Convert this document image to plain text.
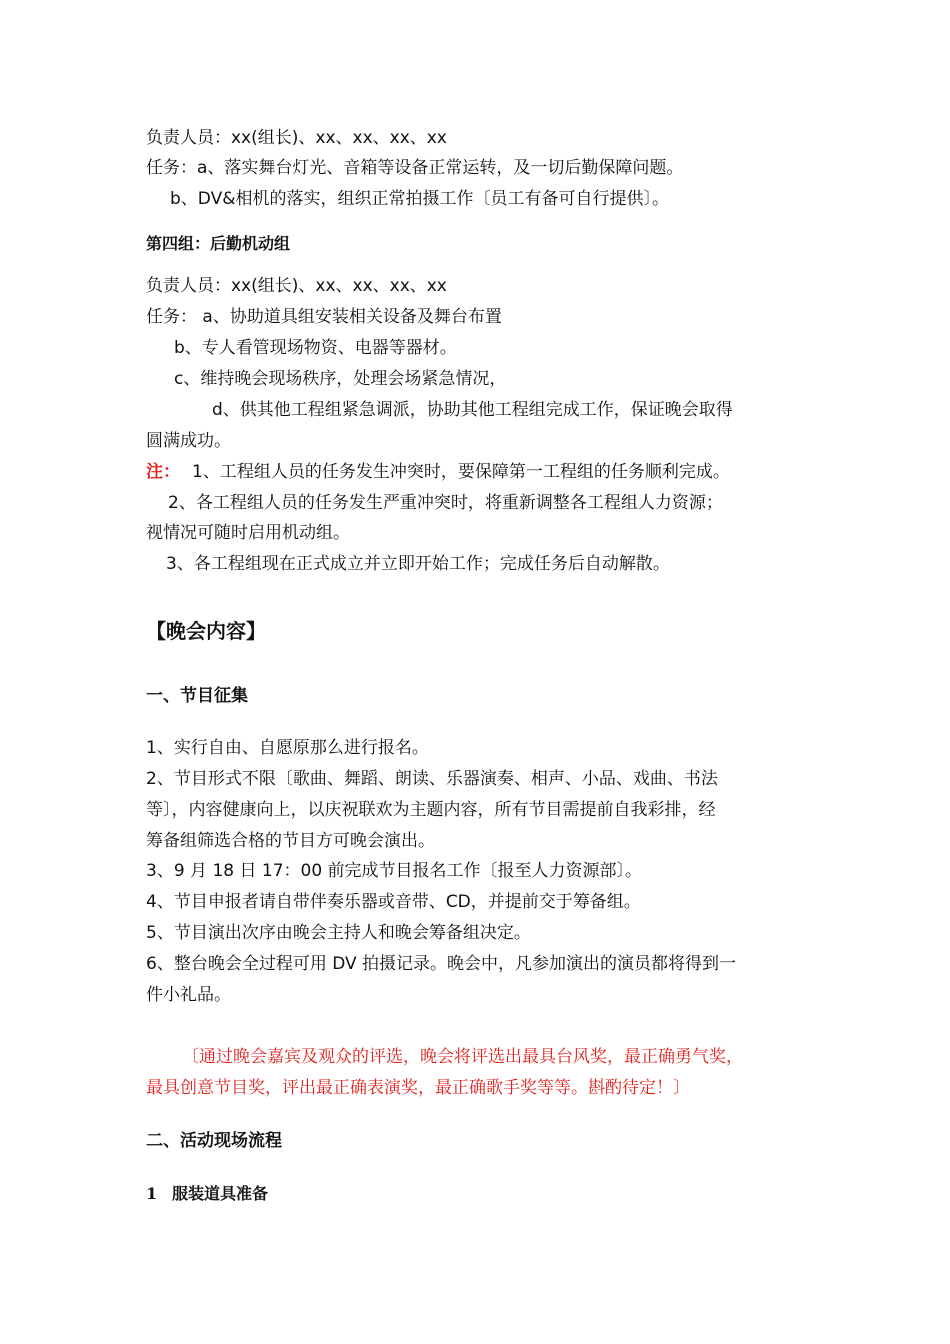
负责人员：xx(组长)、xx、xx、xx、xx
任务：a、落实舞台灯光、音箱等设备正常运转，及一切后勤保障问题。
b、DV&相机的落实，组织正常拍摄工作〔员工有备可自行提供〕。
第四组：后勤机动组
负责人员：xx(组长)、xx、xx、xx、xx
任务： a、协助道具组安装相关设备及舞台布置
b、专人看管现场物资、电器等器材。
c、维持晚会现场秩序，处理会场紧急情况，
d、供其他工程组紧急调派，协助其他工程组完成工作，保证晚会取得
圆满成功。
注： 1、工程组人员的任务发生冲突时，要保障第一工程组的任务顺利完成。
2、各工程组人员的任务发生严重冲突时，将重新调整各工程组人力资源；
视情况可随时启用机动组。
3、各工程组现在正式成立并立即开始工作；完成任务后自动解散。
【晚会内容】
一、节目征集
1、实行自由、自愿原那么进行报名。
2、节目形式不限〔歌曲、舞蹈、朗读、乐器演奏、相声、小品、戏曲、书法
等〕，内容健康向上，以庆祝联欢为主题内容，所有节目需提前自我彩排，经
筹备组筛选合格的节目方可晚会演出。
3、9 月 18 日 17：00 前完成节目报名工作〔报至人力资源部〕。
4、节目申报者请自带伴奏乐器或音带、CD，并提前交于筹备组。
5、节目演出次序由晚会主持人和晚会筹备组决定。
6、整台晚会全过程可用 DV 拍摄记录。晚会中，凡参加演出的演员都将得到一
件小礼品。
〔通过晚会嘉宾及观众的评选，晚会将评选出最具台风奖，最正确勇气奖，
最具创意节目奖，评出最正确表演奖，最正确歌手奖等等。斟酌待定！〕
二、活动现场流程
1 服装道具准备
